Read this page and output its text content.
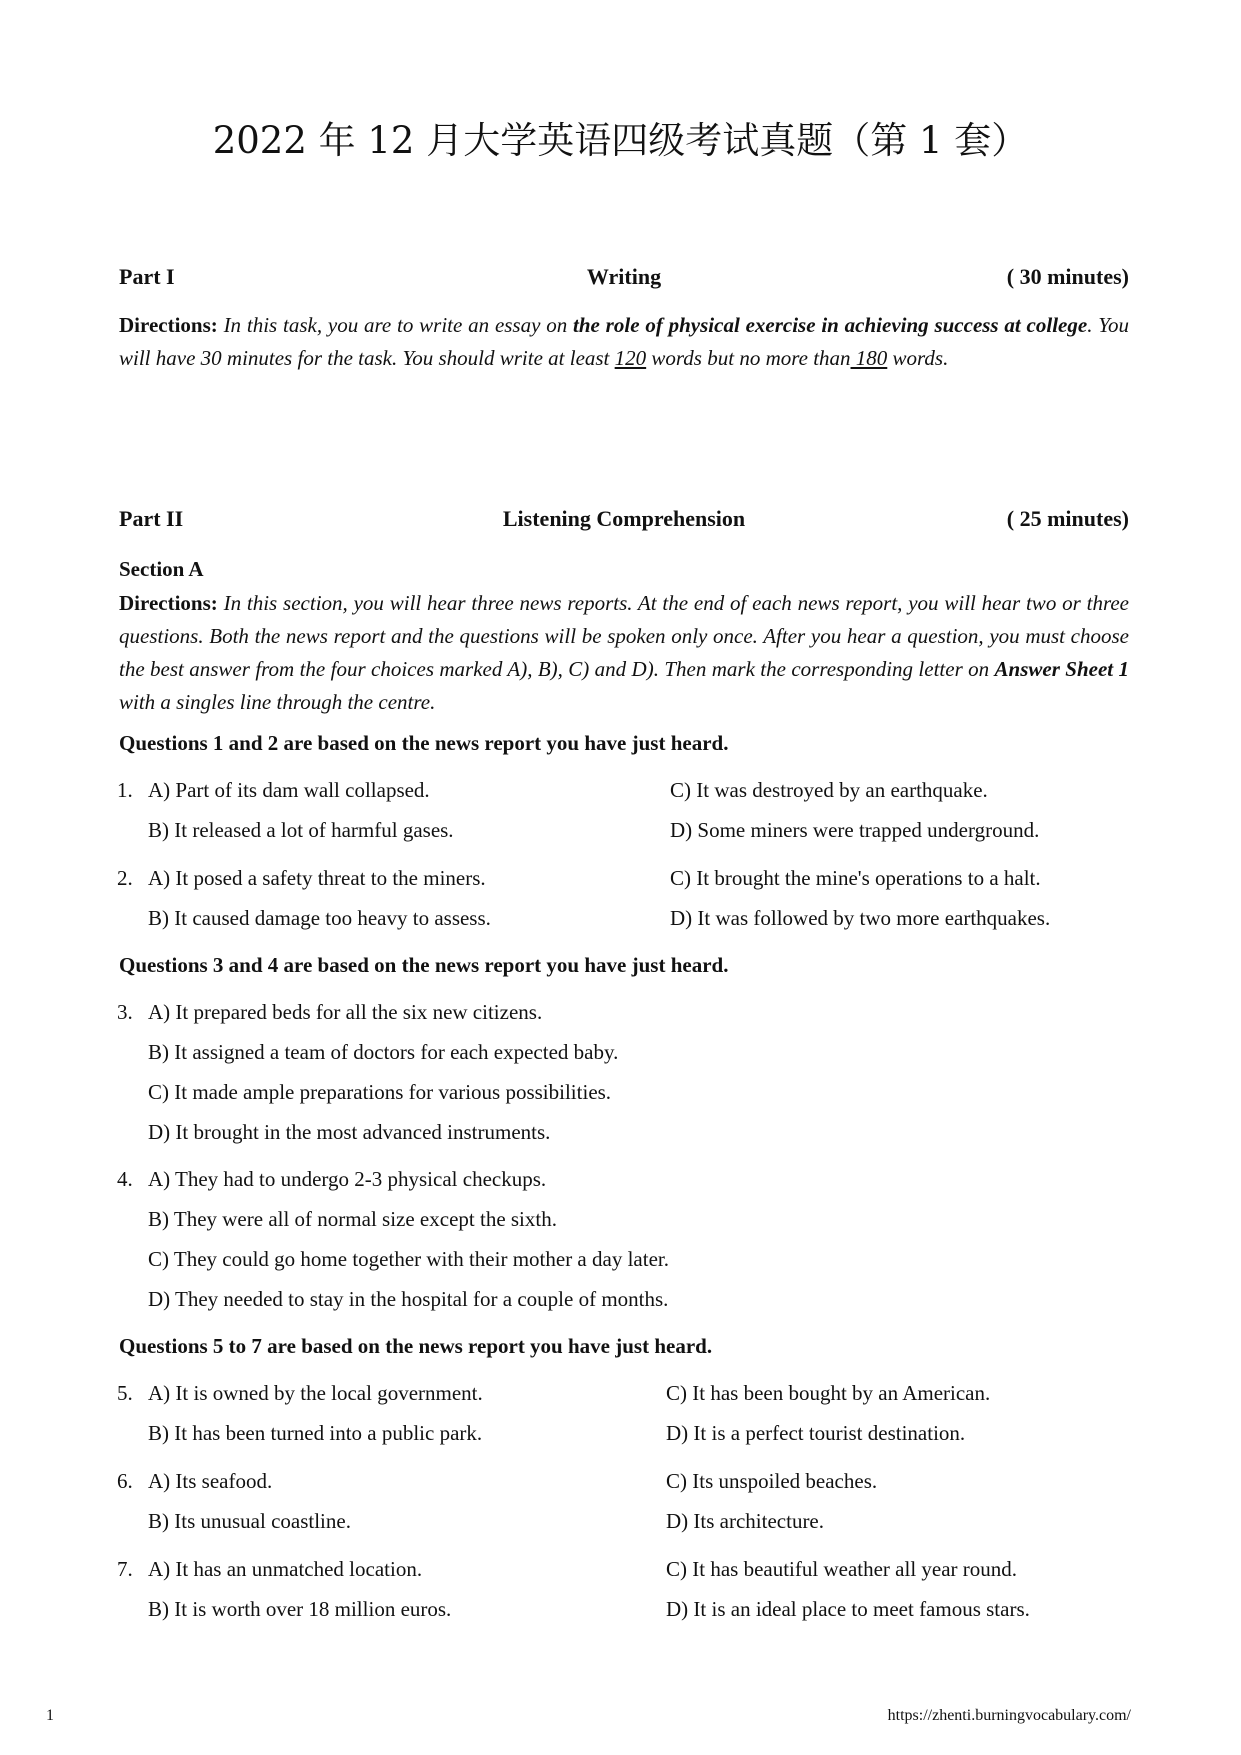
2022 年 12 月大学英语四级考试真题（第 1 套）
Part I	Writing	( 30 minutes)
Directions: In this task, you are to write an essay on the role of physical exercise in achieving success at college. You will have 30 minutes for the task. You should write at least 120 words but no more than 180 words.
Part II	Listening Comprehension	( 25 minutes)
Section A
Directions: In this section, you will hear three news reports. At the end of each news report, you will hear two or three questions. Both the news report and the questions will be spoken only once. After you hear a question, you must choose the best answer from the four choices marked A), B), C) and D). Then mark the corresponding letter on Answer Sheet 1 with a singles line through the centre.
Questions 1 and 2 are based on the news report you have just heard.
1. A) Part of its dam wall collapsed.	C) It was destroyed by an earthquake.
B) It released a lot of harmful gases.	D) Some miners were trapped underground.
2. A) It posed a safety threat to the miners.	C) It brought the mine's operations to a halt.
B) It caused damage too heavy to assess.	D) It was followed by two more earthquakes.
Questions 3 and 4 are based on the news report you have just heard.
3. A) It prepared beds for all the six new citizens.
B) It assigned a team of doctors for each expected baby.
C) It made ample preparations for various possibilities.
D) It brought in the most advanced instruments.
4. A) They had to undergo 2-3 physical checkups.
B) They were all of normal size except the sixth.
C) They could go home together with their mother a day later.
D) They needed to stay in the hospital for a couple of months.
Questions 5 to 7 are based on the news report you have just heard.
5. A) It is owned by the local government.	C) It has been bought by an American.
B) It has been turned into a public park.	D) It is a perfect tourist destination.
6. A) Its seafood.	C) Its unspoiled beaches.
B) Its unusual coastline.	D) Its architecture.
7. A) It has an unmatched location.	C) It has beautiful weather all year round.
B) It is worth over 18 million euros.	D) It is an ideal place to meet famous stars.
1	https://zhenti.burningvocabulary.com/
